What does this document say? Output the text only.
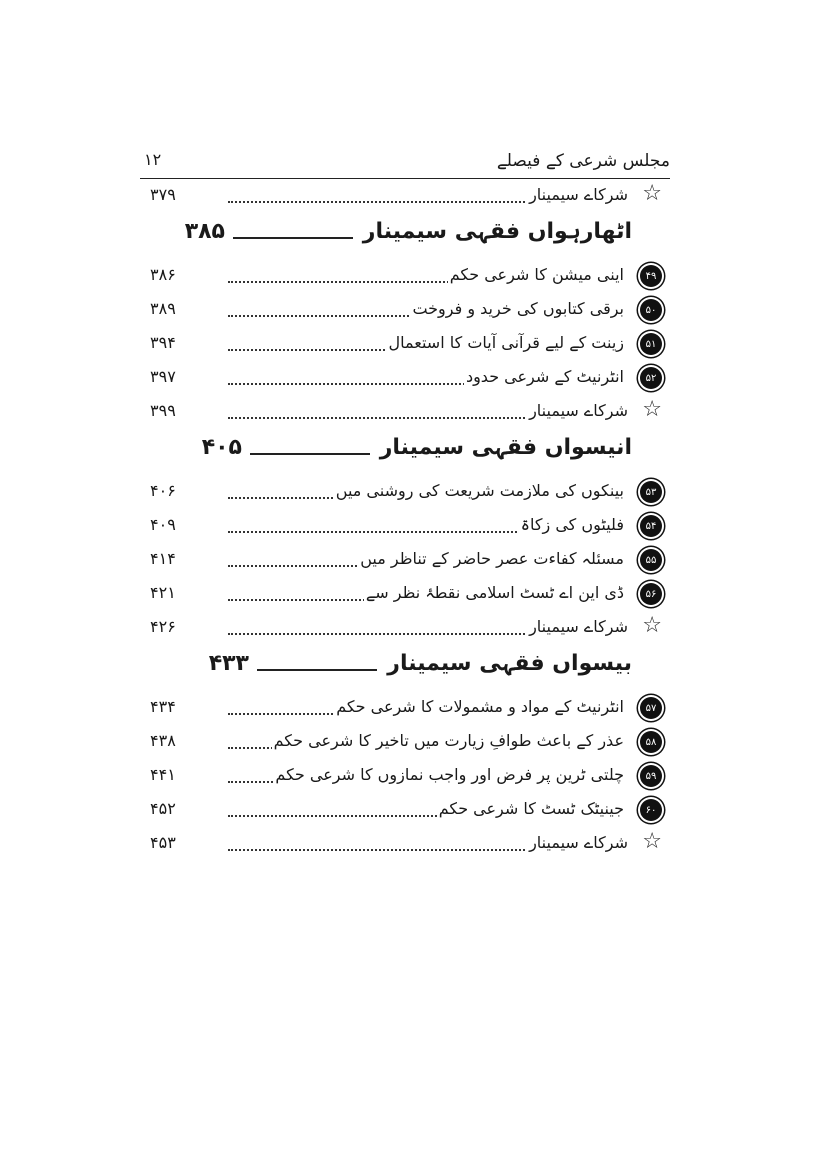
مجلس شرعی کے فیصلے
۱۲
☆
شرکاے سیمینار
۳۷۹
اٹھارہواں فقہی سیمینار
۳۸۵
۴۹
اینی میشن کا شرعی حکم
۳۸۶
۵۰
برقی کتابوں کی خرید و فروخت
۳۸۹
۵۱
زینت کے لیے قرآنی آیات کا استعمال
۳۹۴
۵۲
انٹرنیٹ کے شرعی حدود
۳۹۷
☆
شرکاے سیمینار
۳۹۹
انیسواں فقہی سیمینار
۴۰۵
۵۳
بینکوں کی ملازمت شریعت کی روشنی میں
۴۰۶
۵۴
فلیٹوں کی زکاۃ
۴۰۹
۵۵
مسئلہ کفاءت عصر حاضر کے تناظر میں
۴۱۴
۵۶
ڈی این اے ٹسٹ اسلامی نقطۂ نظر سے
۴۲۱
☆
شرکاے سیمینار
۴۲۶
بیسواں فقہی سیمینار
۴۳۳
۵۷
انٹرنیٹ کے مواد و مشمولات کا شرعی حکم
۴۳۴
۵۸
عذر کے باعث طوافِ زیارت میں تاخیر کا شرعی حکم
۴۳۸
۵۹
چلتی ٹرین پر فرض اور واجب نمازوں کا شرعی حکم
۴۴۱
۶۰
جینیٹک ٹسٹ کا شرعی حکم
۴۵۲
☆
شرکاے سیمینار
۴۵۳
